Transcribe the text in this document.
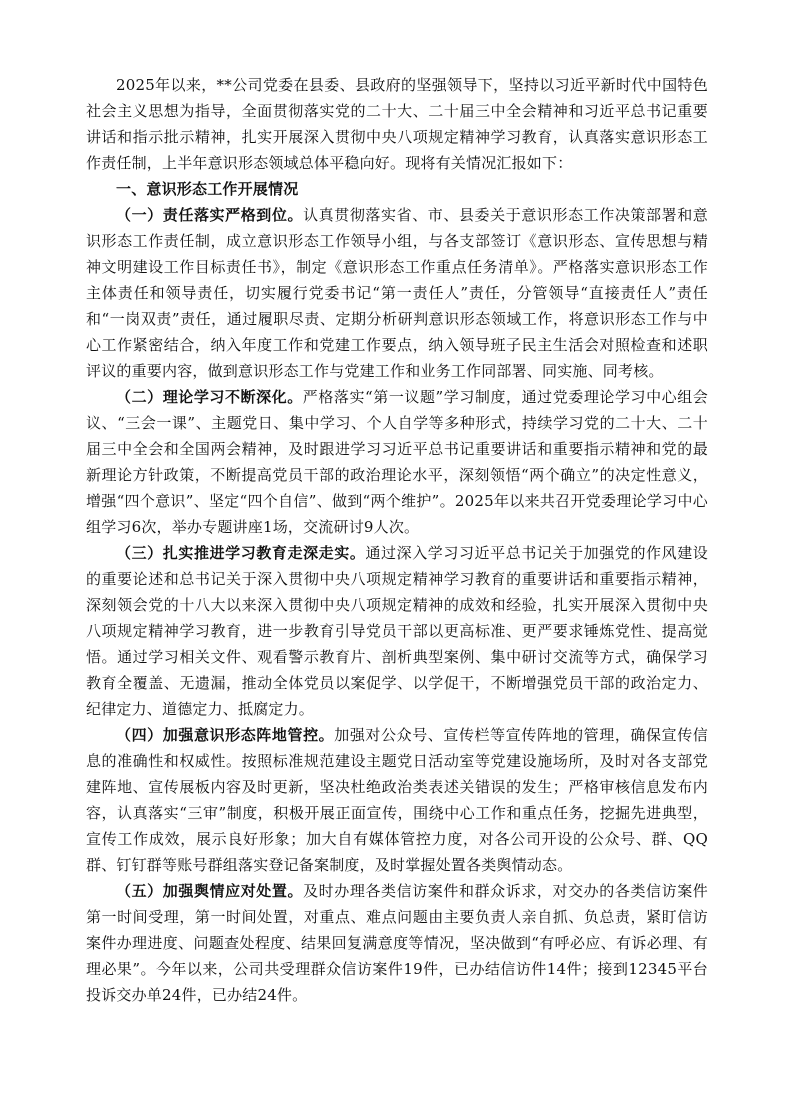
2025年以来，**公司党委在县委、县政府的坚强领导下，坚持以习近平新时代中国特色社会主义思想为指导，全面贯彻落实党的二十大、二十届三中全会精神和习近平总书记重要讲话和指示批示精神，扎实开展深入贯彻中央八项规定精神学习教育，认真落实意识形态工作责任制，上半年意识形态领域总体平稳向好。现将有关情况汇报如下：

一、意识形态工作开展情况

（一）责任落实严格到位。认真贯彻落实省、市、县委关于意识形态工作决策部署和意识形态工作责任制，成立意识形态工作领导小组，与各支部签订《意识形态、宣传思想与精神文明建设工作目标责任书》，制定《意识形态工作重点任务清单》。严格落实意识形态工作主体责任和领导责任，切实履行党委书记“第一责任人”责任，分管领导“直接责任人”责任和“一岗双责”责任，通过履职尽责、定期分析研判意识形态领域工作，将意识形态工作与中心工作紧密结合，纳入年度工作和党建工作要点，纳入领导班子民主生活会对照检查和述职评议的重要内容，做到意识形态工作与党建工作和业务工作同部署、同实施、同考核。

（二）理论学习不断深化。严格落实“第一议题”学习制度，通过党委理论学习中心组会议、“三会一课”、主题党日、集中学习、个人自学等多种形式，持续学习党的二十大、二十届三中全会和全国两会精神，及时跟进学习习近平总书记重要讲话和重要指示精神和党的最新理论方针政策，不断提高党员干部的政治理论水平，深刻领悟“两个确立”的决定性意义，增强“四个意识”、坚定“四个自信”、做到“两个维护”。2025年以来共召开党委理论学习中心组学习6次，举办专题讲座1场，交流研讨9人次。

（三）扎实推进学习教育走深走实。通过深入学习习近平总书记关于加强党的作风建设的重要论述和总书记关于深入贯彻中央八项规定精神学习教育的重要讲话和重要指示精神，深刻领会党的十八大以来深入贯彻中央八项规定精神的成效和经验，扎实开展深入贯彻中央八项规定精神学习教育，进一步教育引导党员干部以更高标准、更严要求锤炼党性、提高觉悟。通过学习相关文件、观看警示教育片、剖析典型案例、集中研讨交流等方式，确保学习教育全覆盖、无遗漏，推动全体党员以案促学、以学促干，不断增强党员干部的政治定力、纪律定力、道德定力、抵腐定力。

（四）加强意识形态阵地管控。加强对公众号、宣传栏等宣传阵地的管理，确保宣传信息的准确性和权威性。按照标准规范建设主题党日活动室等党建设施场所，及时对各支部党建阵地、宣传展板内容及时更新，坚决杜绝政治类表述关错误的发生；严格审核信息发布内容，认真落实“三审”制度，积极开展正面宣传，围绕中心工作和重点任务，挖掘先进典型，宣传工作成效，展示良好形象；加大自有媒体管控力度，对各公司开设的公众号、群、QQ群、钉钉群等账号群组落实登记备案制度，及时掌握处置各类舆情动态。

（五）加强舆情应对处置。及时办理各类信访案件和群众诉求，对交办的各类信访案件第一时间受理，第一时间处置，对重点、难点问题由主要负责人亲自抓、负总责，紧盯信访案件办理进度、问题查处程度、结果回复满意度等情况，坚决做到“有呼必应、有诉必理、有理必果”。今年以来，公司共受理群众信访案件19件，已办结信访件14件；接到12345平台投诉交办单24件，已办结24件。
